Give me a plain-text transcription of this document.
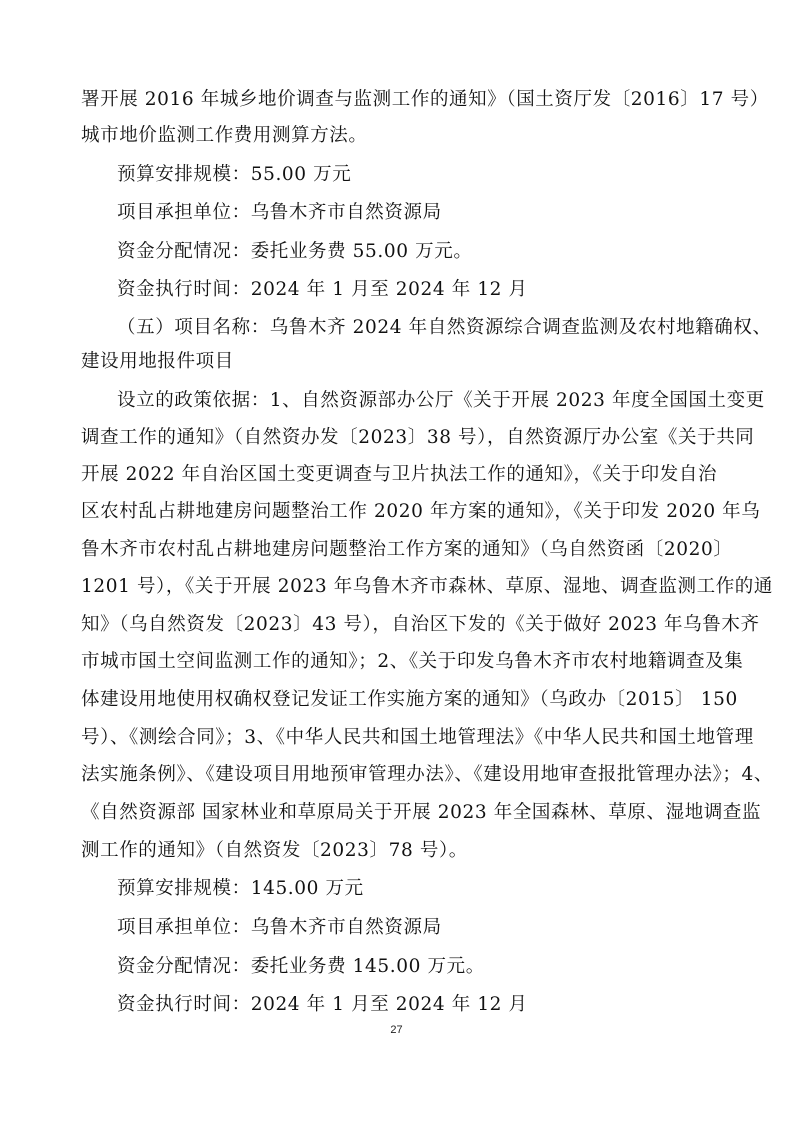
署开展 2016 年城乡地价调查与监测工作的通知》（国土资厅发〔2016〕17 号）
城市地价监测工作费用测算方法。
预算安排规模：55.00 万元
项目承担单位：乌鲁木齐市自然资源局
资金分配情况：委托业务费 55.00 万元。
资金执行时间：2024 年 1 月至 2024 年 12 月
（五）项目名称：乌鲁木齐 2024 年自然资源综合调查监测及农村地籍确权、
建设用地报件项目
设立的政策依据：1、自然资源部办公厅《关于开展 2023 年度全国国土变更
调查工作的通知》（自然资办发〔2023〕38 号），自然资源厅办公室《关于共同
开展 2022 年自治区国土变更调查与卫片执法工作的通知》，《关于印发自治
区农村乱占耕地建房问题整治工作 2020 年方案的通知》，《关于印发 2020 年乌
鲁木齐市农村乱占耕地建房问题整治工作方案的通知》（乌自然资函〔2020〕
1201 号），《关于开展 2023 年乌鲁木齐市森林、草原、湿地、调查监测工作的通
知》（乌自然资发〔2023〕43 号），自治区下发的《关于做好 2023 年乌鲁木齐
市城市国土空间监测工作的通知》；2、《关于印发乌鲁木齐市农村地籍调查及集
体建设用地使用权确权登记发证工作实施方案的通知》（乌政办〔2015〕 150
号）、《测绘合同》；3、《中华人民共和国土地管理法》《中华人民共和国土地管理
法实施条例》、《建设项目用地预审管理办法》、《建设用地审查报批管理办法》；4、
《自然资源部 国家林业和草原局关于开展 2023 年全国森林、草原、湿地调查监
测工作的通知》（自然资发〔2023〕78 号）。
预算安排规模：145.00 万元
项目承担单位：乌鲁木齐市自然资源局
资金分配情况：委托业务费 145.00 万元。
资金执行时间：2024 年 1 月至 2024 年 12 月
27
